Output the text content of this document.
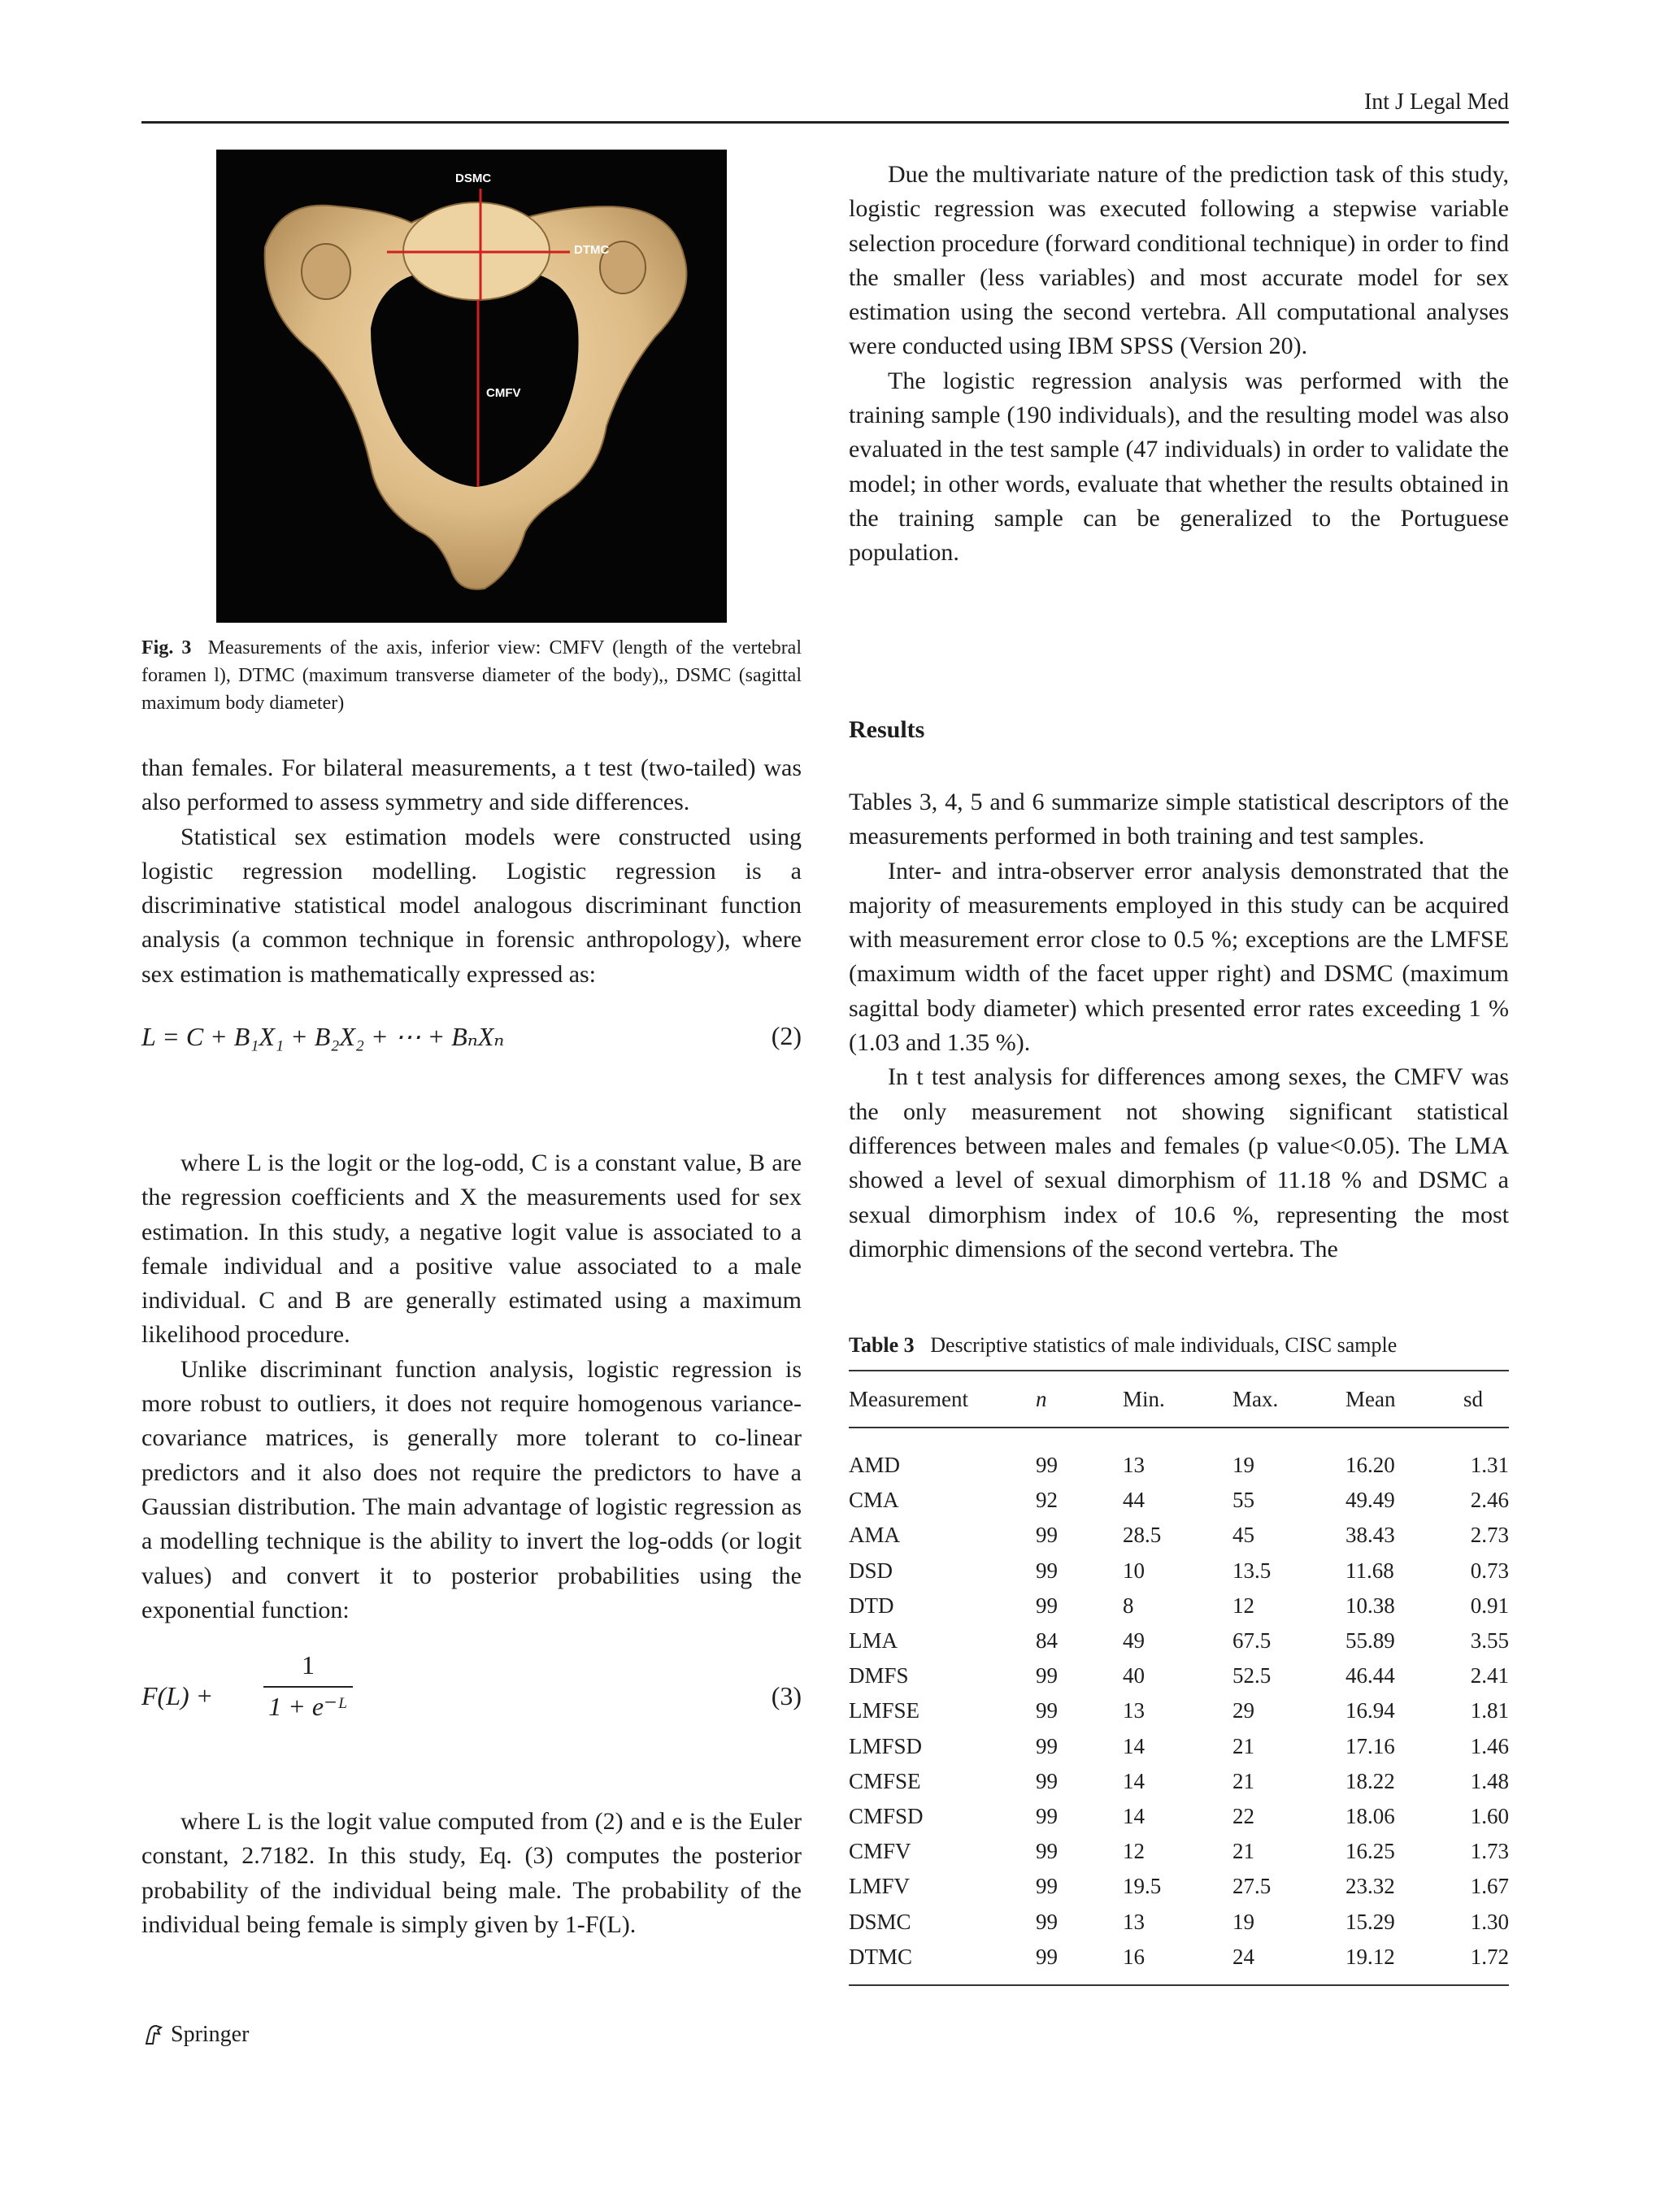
Int J Legal Med
DSMC
DTMC
CMFV
Fig. 3 Measurements of the axis, inferior view: CMFV (length of the vertebral foramen l), DTMC (maximum transverse diameter of the body),, DSMC (sagittal maximum body diameter)

than females. For bilateral measurements, a t test (two-tailed) was also performed to assess symmetry and side differences.

Statistical sex estimation models were constructed using logistic regression modelling. Logistic regression is a discriminative statistical model analogous discriminant function analysis (a common technique in forensic anthropology), where sex estimation is mathematically expressed as:

L = C + B₁X₁ + B₂X₂ + ⋯ + BₙXₙ	(2)

where L is the logit or the log-odd, C is a constant value, B are the regression coefficients and X the measurements used for sex estimation. In this study, a negative logit value is associated to a female individual and a positive value associated to a male individual. C and B are generally estimated using a maximum likelihood procedure.

Unlike discriminant function analysis, logistic regression is more robust to outliers, it does not require homogenous variance-covariance matrices, is generally more tolerant to co-linear predictors and it also does not require the predictors to have a Gaussian distribution. The main advantage of logistic regression as a modelling technique is the ability to invert the log-odds (or logit values) and convert it to posterior probabilities using the exponential function:

F(L) +
1
1 + e⁻ᴸ	(3)

where L is the logit value computed from (2) and e is the Euler constant, 2.7182. In this study, Eq. (3) computes the posterior probability of the individual being male. The probability of the individual being female is simply given by 1-F(L).

Due the multivariate nature of the prediction task of this study, logistic regression was executed following a stepwise variable selection procedure (forward conditional technique) in order to find the smaller (less variables) and most accurate model for sex estimation using the second vertebra. All computational analyses were conducted using IBM SPSS (Version 20).

The logistic regression analysis was performed with the training sample (190 individuals), and the resulting model was also evaluated in the test sample (47 individuals) in order to validate the model; in other words, evaluate that whether the results obtained in the training sample can be generalized to the Portuguese population.

Results

Tables 3, 4, 5 and 6 summarize simple statistical descriptors of the measurements performed in both training and test samples.

Inter- and intra-observer error analysis demonstrated that the majority of measurements employed in this study can be acquired with measurement error close to 0.5 %; exceptions are the LMFSE (maximum width of the facet upper right) and DSMC (maximum sagittal body diameter) which presented error rates exceeding 1 % (1.03 and 1.35 %).

In t test analysis for differences among sexes, the CMFV was the only measurement not showing significant statistical differences between males and females (p value<0.05). The LMA showed a level of sexual dimorphism of 11.18 % and DSMC a sexual dimorphism index of 10.6 %, representing the most dimorphic dimensions of the second vertebra. The

Table 3 Descriptive statistics of male individuals, CISC sample
Measurement	n	Min.	Max.	Mean	sd
AMD	99	13	19	16.20	1.31
CMA	92	44	55	49.49	2.46
AMA	99	28.5	45	38.43	2.73
DSD	99	10	13.5	11.68	0.73
DTD	99	8	12	10.38	0.91
LMA	84	49	67.5	55.89	3.55
DMFS	99	40	52.5	46.44	2.41
LMFSE	99	13	29	16.94	1.81
LMFSD	99	14	21	17.16	1.46
CMFSE	99	14	21	18.22	1.48
CMFSD	99	14	22	18.06	1.60
CMFV	99	12	21	16.25	1.73
LMFV	99	19.5	27.5	23.32	1.67
DSMC	99	13	19	15.29	1.30
DTMC	99	16	24	19.12	1.72
Springer
